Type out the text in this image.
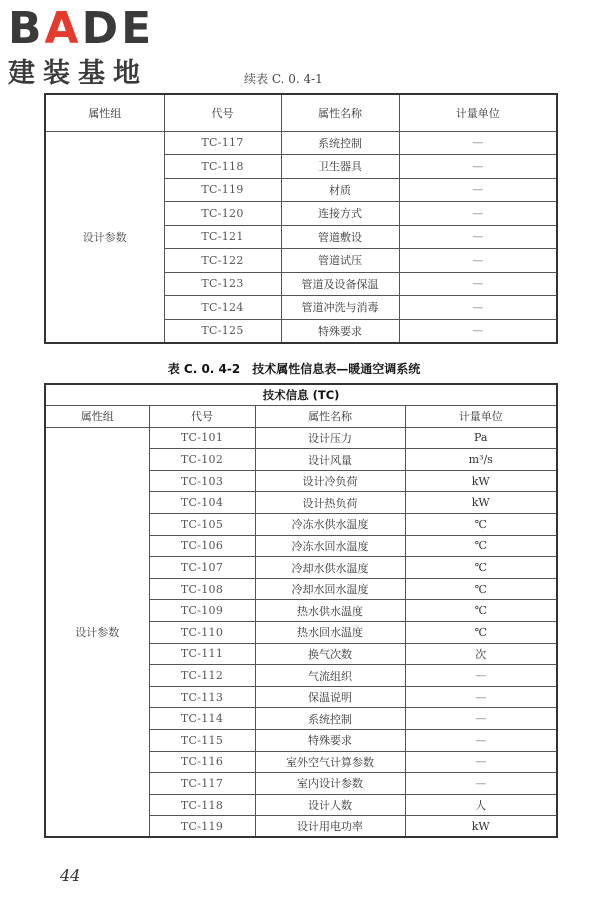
BADE
建装基地	续表 C. 0. 4-1
属性组	代号	属性名称	计量单位
设计参数	TC-117	系统控制	—
	TC-118	卫生器具	—
	TC-119	材质	—
	TC-120	连接方式	—
	TC-121	管道敷设	—
	TC-122	管道试压	—
	TC-123	管道及设备保温	—
	TC-124	管道冲洗与消毒	—
	TC-125	特殊要求	—
表 C. 0. 4-2 技术属性信息表—暖通空调系统
技术信息 (TC)			
属性组	代号	属性名称	计量单位
设计参数	TC-101	设计压力	Pa
	TC-102	设计风量	m³/s
	TC-103	设计冷负荷	kW
	TC-104	设计热负荷	kW
	TC-105	冷冻水供水温度	℃
	TC-106	冷冻水回水温度	℃
	TC-107	冷却水供水温度	℃
	TC-108	冷却水回水温度	℃
	TC-109	热水供水温度	℃
	TC-110	热水回水温度	℃
	TC-111	换气次数	次
	TC-112	气流组织	—
	TC-113	保温说明	—
	TC-114	系统控制	—
	TC-115	特殊要求	—
	TC-116	室外空气计算参数	—
	TC-117	室内设计参数	—
	TC-118	设计人数	人
	TC-119	设计用电功率	kW
44
